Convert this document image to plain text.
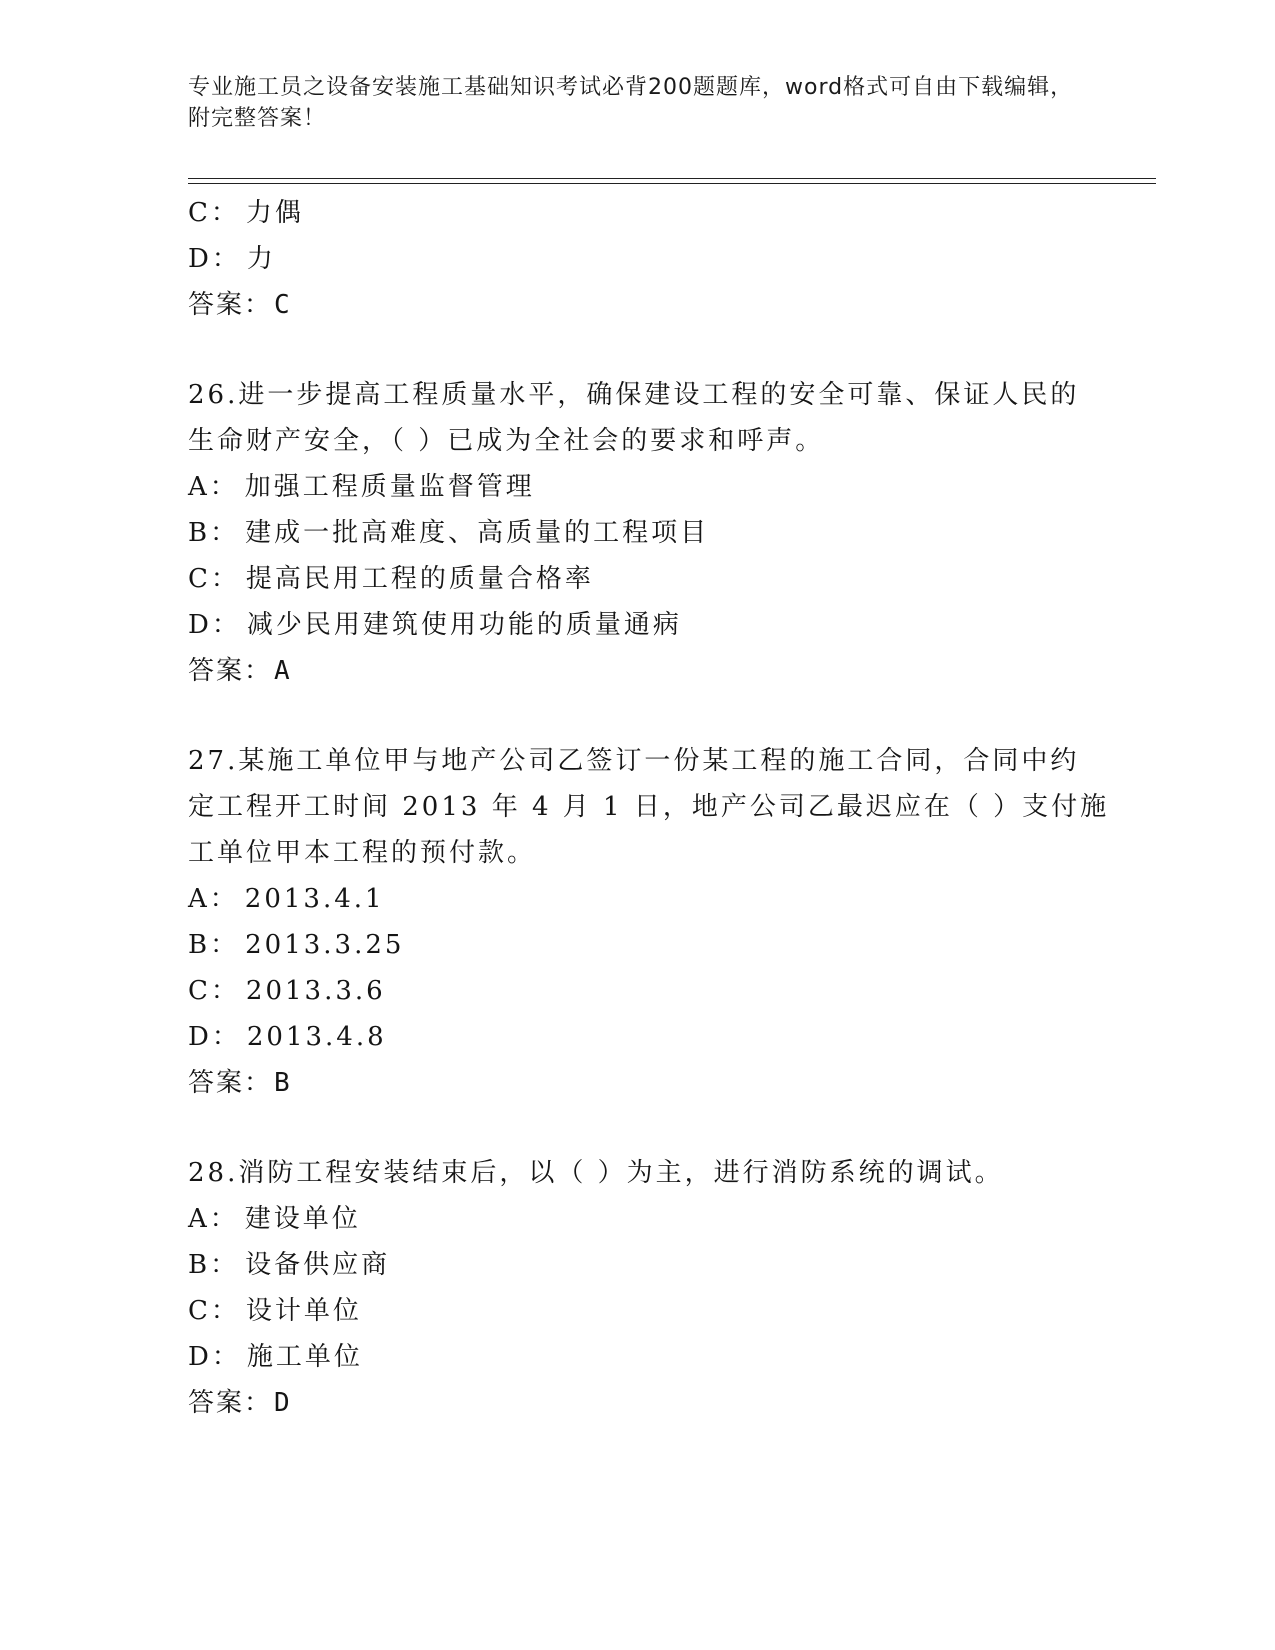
专业施工员之设备安装施工基础知识考试必背200题题库，word格式可自由下载编辑，附完整答案！
C： 力偶
D： 力
答案：C
26.进一步提高工程质量水平，确保建设工程的安全可靠、保证人民的
生命财产安全，（ ）已成为全社会的要求和呼声。
A： 加强工程质量监督管理
B： 建成一批高难度、高质量的工程项目
C： 提高民用工程的质量合格率
D： 减少民用建筑使用功能的质量通病
答案：A
27.某施工单位甲与地产公司乙签订一份某工程的施工合同，合同中约
定工程开工时间 2013 年 4 月 1 日，地产公司乙最迟应在（ ）支付施
工单位甲本工程的预付款。
A： 2013.4.1
B： 2013.3.25
C： 2013.3.6
D： 2013.4.8
答案：B
28.消防工程安装结束后，以（ ）为主，进行消防系统的调试。
A： 建设单位
B： 设备供应商
C： 设计单位
D： 施工单位
答案：D
